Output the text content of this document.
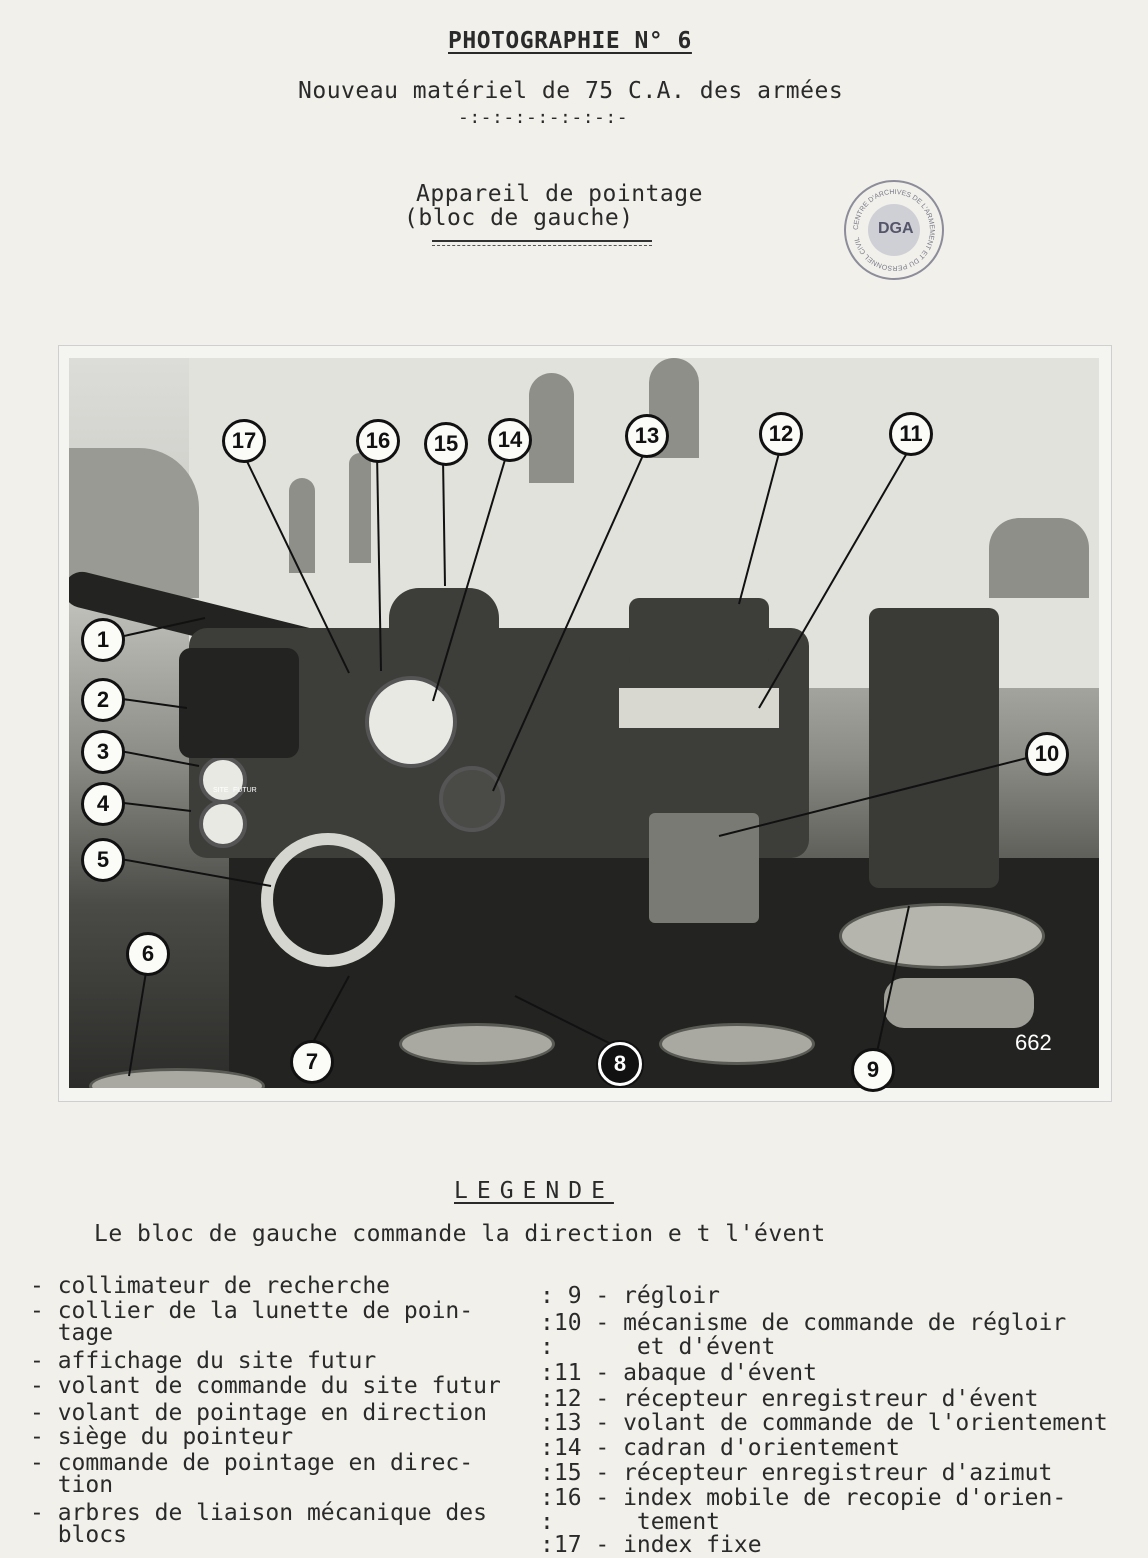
PHOTOGRAPHIE N° 6
Nouveau matériel de 75 C.A. des armées
-:-:-:-:-:-:-:-
Appareil de pointage
(bloc de gauche)	CENTRE D'ARCHIVES DE L'ARMEMENT ET DU PERSONNEL CIVIL
DGA
SITE FUTUR
17	16	15	14	13	12	11
1
2
3
4
5
6
10
7	8	9
662
LEGENDE
Le bloc de gauche commande la direction e t l'évent
- collimateur de recherche
- collier de la lunette de poin-
tage
- affichage du site futur
- volant de commande du site futur
- volant de pointage en direction
- siège du pointeur
- commande de pointage en direc-
tion
- arbres de liaison mécanique des
blocs
: 9 - régloir
:10 - mécanisme de commande de régloir
:      et d'évent
:11 - abaque d'évent
:12 - récepteur enregistreur d'évent
:13 - volant de commande de l'orientement
:14 - cadran d'orientement
:15 - récepteur enregistreur d'azimut
:16 - index mobile de recopie d'orien-
:      tement
:17 - index fixe
